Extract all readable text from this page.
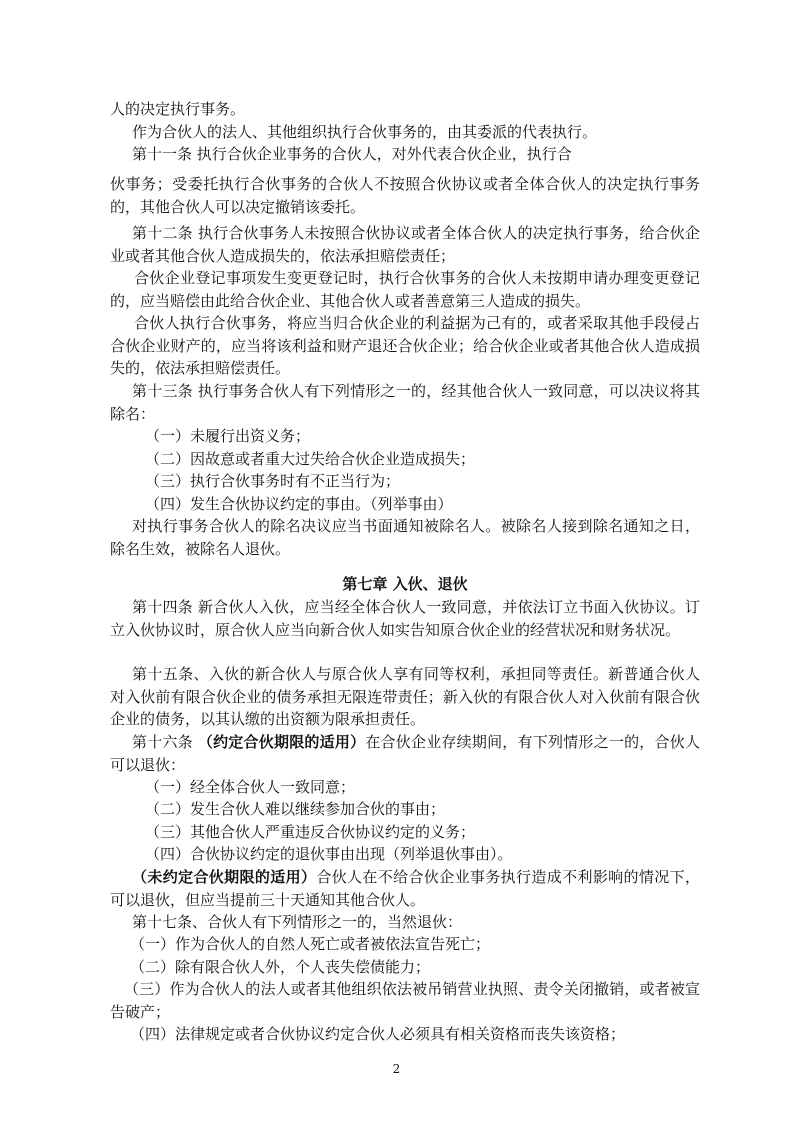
人的决定执行事务。

作为合伙人的法人、其他组织执行合伙事务的，由其委派的代表执行。

第十一条 执行合伙企业事务的合伙人，对外代表合伙企业，执行合

伙事务；受委托执行合伙事务的合伙人不按照合伙协议或者全体合伙人的决定执行事务的，其他合伙人可以决定撤销该委托。

第十二条 执行合伙事务人未按照合伙协议或者全体合伙人的决定执行事务，给合伙企业或者其他合伙人造成损失的，依法承担赔偿责任；

合伙企业登记事项发生变更登记时，执行合伙事务的合伙人未按期申请办理变更登记的，应当赔偿由此给合伙企业、其他合伙人或者善意第三人造成的损失。

合伙人执行合伙事务，将应当归合伙企业的利益据为己有的，或者采取其他手段侵占合伙企业财产的，应当将该利益和财产退还合伙企业；给合伙企业或者其他合伙人造成损失的，依法承担赔偿责任。

第十三条 执行事务合伙人有下列情形之一的，经其他合伙人一致同意，可以决议将其除名：

（一）未履行出资义务；

（二）因故意或者重大过失给合伙企业造成损失；

（三）执行合伙事务时有不正当行为；

（四）发生合伙协议约定的事由。（列举事由）

对执行事务合伙人的除名决议应当书面通知被除名人。被除名人接到除名通知之日，除名生效，被除名人退伙。

第七章 入伙、退伙

第十四条 新合伙人入伙，应当经全体合伙人一致同意，并依法订立书面入伙协议。订立入伙协议时，原合伙人应当向新合伙人如实告知原合伙企业的经营状况和财务状况。

第十五条、入伙的新合伙人与原合伙人享有同等权利，承担同等责任。新普通合伙人对入伙前有限合伙企业的债务承担无限连带责任；新入伙的有限合伙人对入伙前有限合伙企业的债务，以其认缴的出资额为限承担责任。

第十六条 （约定合伙期限的适用）在合伙企业存续期间，有下列情形之一的，合伙人可以退伙：

（一）经全体合伙人一致同意；

（二）发生合伙人难以继续参加合伙的事由；

（三）其他合伙人严重违反合伙协议约定的义务；

（四）合伙协议约定的退伙事由出现（列举退伙事由）。

（未约定合伙期限的适用）合伙人在不给合伙企业事务执行造成不利影响的情况下，可以退伙，但应当提前三十天通知其他合伙人。

第十七条、合伙人有下列情形之一的，当然退伙：

（一）作为合伙人的自然人死亡或者被依法宣告死亡；

（二）除有限合伙人外，个人丧失偿债能力；

（三）作为合伙人的法人或者其他组织依法被吊销营业执照、责令关闭撤销，或者被宣告破产；

（四）法律规定或者合伙协议约定合伙人必须具有相关资格而丧失该资格；

2
